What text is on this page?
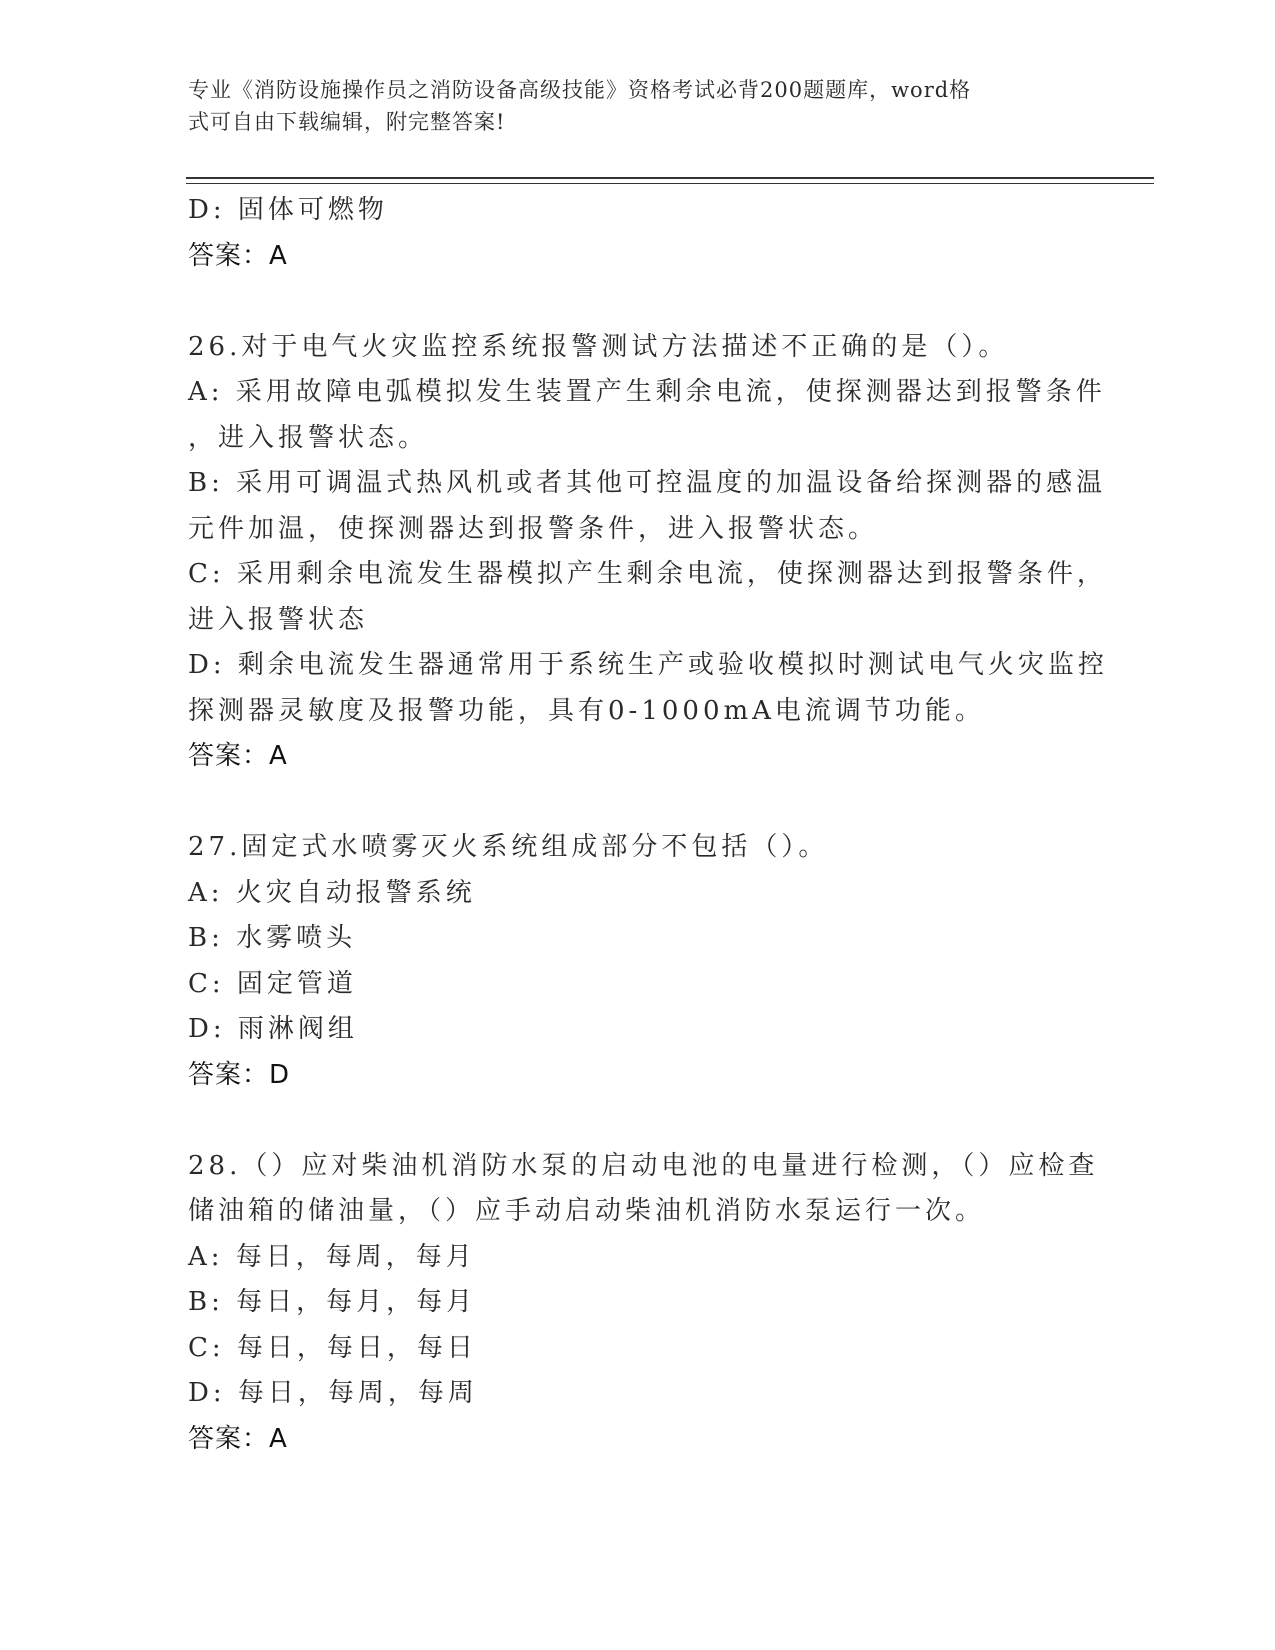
专业《消防设施操作员之消防设备高级技能》资格考试必背200题题库，word格
式可自由下载编辑，附完整答案!
D: 固体可燃物
答案：A
26.对于电气火灾监控系统报警测试方法描述不正确的是（）。
A: 采用故障电弧模拟发生装置产生剩余电流，使探测器达到报警条件
，进入报警状态。
B: 采用可调温式热风机或者其他可控温度的加温设备给探测器的感温
元件加温，使探测器达到报警条件，进入报警状态。
C: 采用剩余电流发生器模拟产生剩余电流，使探测器达到报警条件，
进入报警状态
D: 剩余电流发生器通常用于系统生产或验收模拟时测试电气火灾监控
探测器灵敏度及报警功能，具有0-1000mA电流调节功能。
答案：A
27.固定式水喷雾灭火系统组成部分不包括（）。
A: 火灾自动报警系统
B: 水雾喷头
C: 固定管道
D: 雨淋阀组
答案：D
28.（）应对柴油机消防水泵的启动电池的电量进行检测，（）应检查
储油箱的储油量，（）应手动启动柴油机消防水泵运行一次。
A: 每日，每周，每月
B: 每日，每月，每月
C: 每日，每日，每日
D: 每日，每周，每周
答案：A
